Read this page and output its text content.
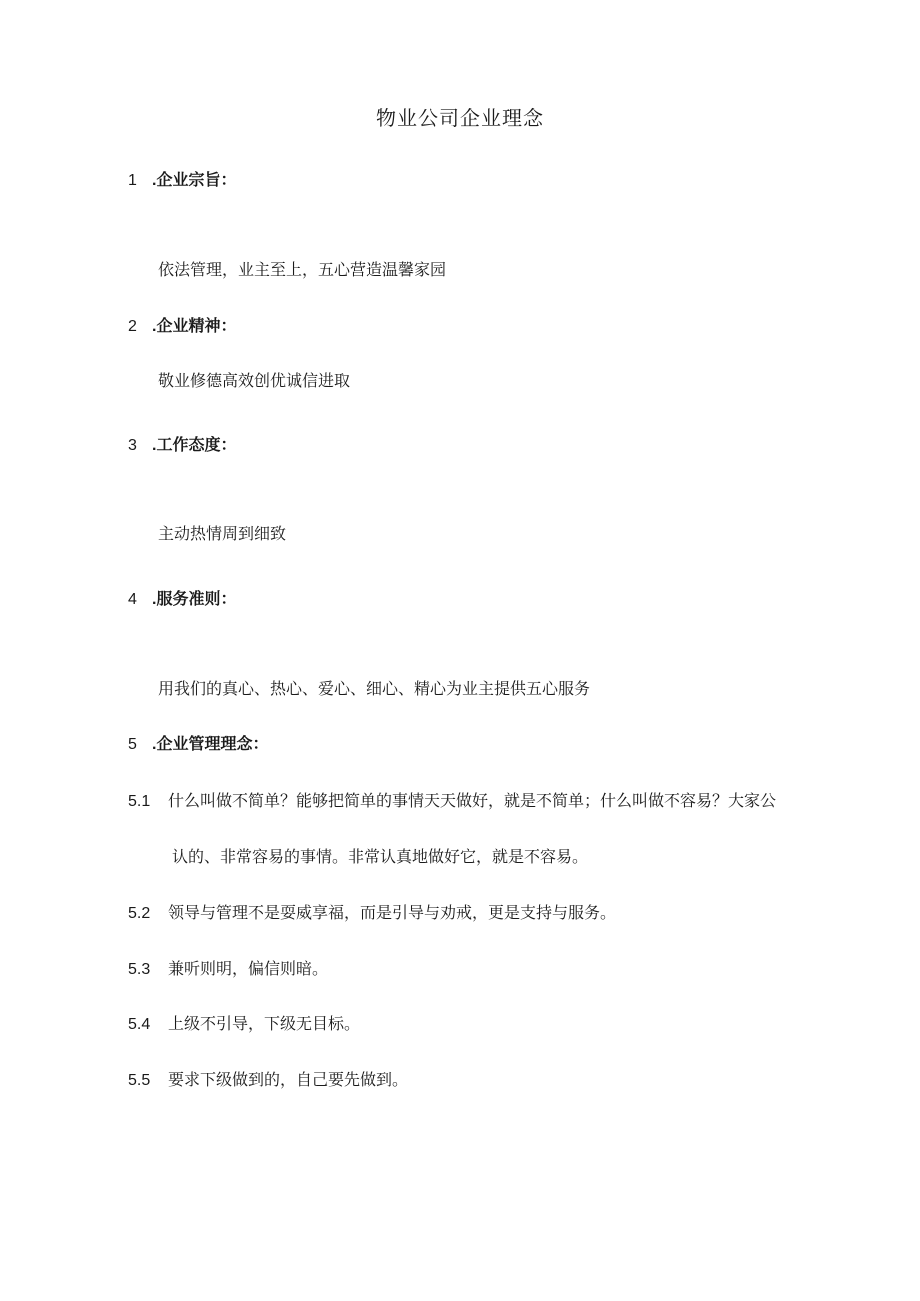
物业公司企业理念
1 .企业宗旨：
依法管理，业主至上，五心营造温馨家园
2 .企业精神：
敬业修德高效创优诚信进取
3 .工作态度：
主动热情周到细致
4 .服务准则：
用我们的真心、热心、爱心、细心、精心为业主提供五心服务
5 .企业管理理念：
5.1 什么叫做不简单？能够把简单的事情天天做好，就是不简单；什么叫做不容易？大家公
认的、非常容易的事情。非常认真地做好它，就是不容易。
5.2 领导与管理不是耍威享福，而是引导与劝戒，更是支持与服务。
5.3 兼听则明，偏信则暗。
5.4 上级不引导，下级无目标。
5.5 要求下级做到的，自己要先做到。
